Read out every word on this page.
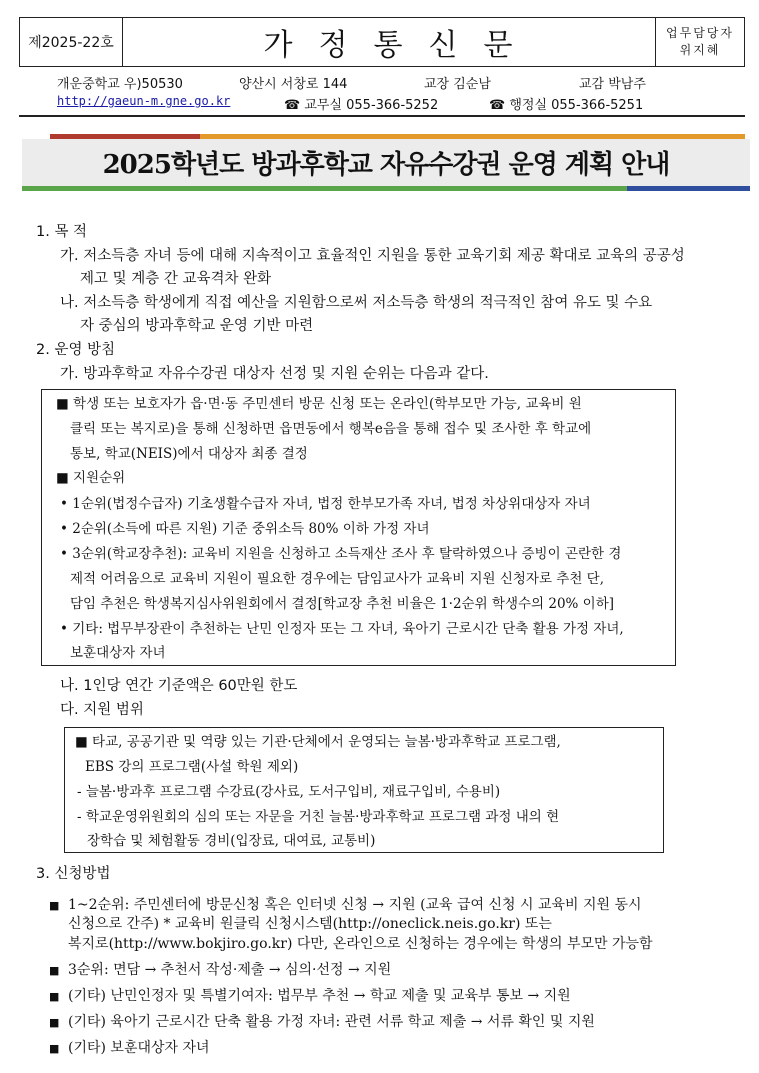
제2025-22호	가정통신문	업무담당자
위지혜
개운중학교 우)50530	양산시 서창로 144	교장 김순남	교감 박남주
http://gaeun-m.gne.go.kr	☎ 교무실 055-366-5252	☎ 행정실 055-366-5251
2025학년도 방과후학교 자유수강권 운영 계획 안내
1. 목 적
가. 저소득층 자녀 등에 대해 지속적이고 효율적인 지원을 통한 교육기회 제공 확대로 교육의 공공성
제고 및 계층 간 교육격차 완화
나. 저소득층 학생에게 직접 예산을 지원함으로써 저소득층 학생의 적극적인 참여 유도 및 수요
자 중심의 방과후학교 운영 기반 마련
2. 운영 방침
가. 방과후학교 자유수강권 대상자 선정 및 지원 순위는 다음과 같다.
■ 학생 또는 보호자가 읍·면·동 주민센터 방문 신청 또는 온라인(학부모만 가능, 교육비 원
클릭 또는 복지로)을 통해 신청하면 읍면동에서 행복e음을 통해 접수 및 조사한 후 학교에
통보, 학교(NEIS)에서 대상자 최종 결정
■ 지원순위
• 1순위(법정수급자) 기초생활수급자 자녀, 법정 한부모가족 자녀, 법정 차상위대상자 자녀
• 2순위(소득에 따른 지원) 기준 중위소득 80% 이하 가정 자녀
• 3순위(학교장추천): 교육비 지원을 신청하고 소득재산 조사 후 탈락하였으나 증빙이 곤란한 경
제적 어려움으로 교육비 지원이 필요한 경우에는 담임교사가 교육비 지원 신청자로 추천 단,
담임 추천은 학생복지심사위원회에서 결정[학교장 추천 비율은 1·2순위 학생수의 20% 이하]
• 기타: 법무부장관이 추천하는 난민 인정자 또는 그 자녀, 육아기 근로시간 단축 활용 가정 자녀,
보훈대상자 자녀
나. 1인당 연간 기준액은 60만원 한도
다. 지원 범위
■ 타교, 공공기관 및 역량 있는 기관·단체에서 운영되는 늘봄·방과후학교 프로그램,
EBS 강의 프로그램(사설 학원 제외)
- 늘봄·방과후 프로그램 수강료(강사료, 도서구입비, 재료구입비, 수용비)
- 학교운영위원회의 심의 또는 자문을 거친 늘봄·방과후학교 프로그램 과정 내의 현
장학습 및 체험활동 경비(입장료, 대여료, 교통비)
3. 신청방법
■ 1~2순위: 주민센터에 방문신청 혹은 인터넷 신청 → 지원 (교육 급여 신청 시 교육비 지원 동시
신청으로 간주) * 교육비 원클릭 신청시스템(http://oneclick.neis.go.kr) 또는
복지로(http://www.bokjiro.go.kr) 다만, 온라인으로 신청하는 경우에는 학생의 부모만 가능함
■ 3순위: 면담 → 추천서 작성·제출 → 심의·선정 → 지원
■ (기타) 난민인정자 및 특별기여자: 법무부 추천 → 학교 제출 및 교육부 통보 → 지원
■ (기타) 육아기 근로시간 단축 활용 가정 자녀: 관련 서류 학교 제출 → 서류 확인 및 지원
■ (기타) 보훈대상자 자녀
